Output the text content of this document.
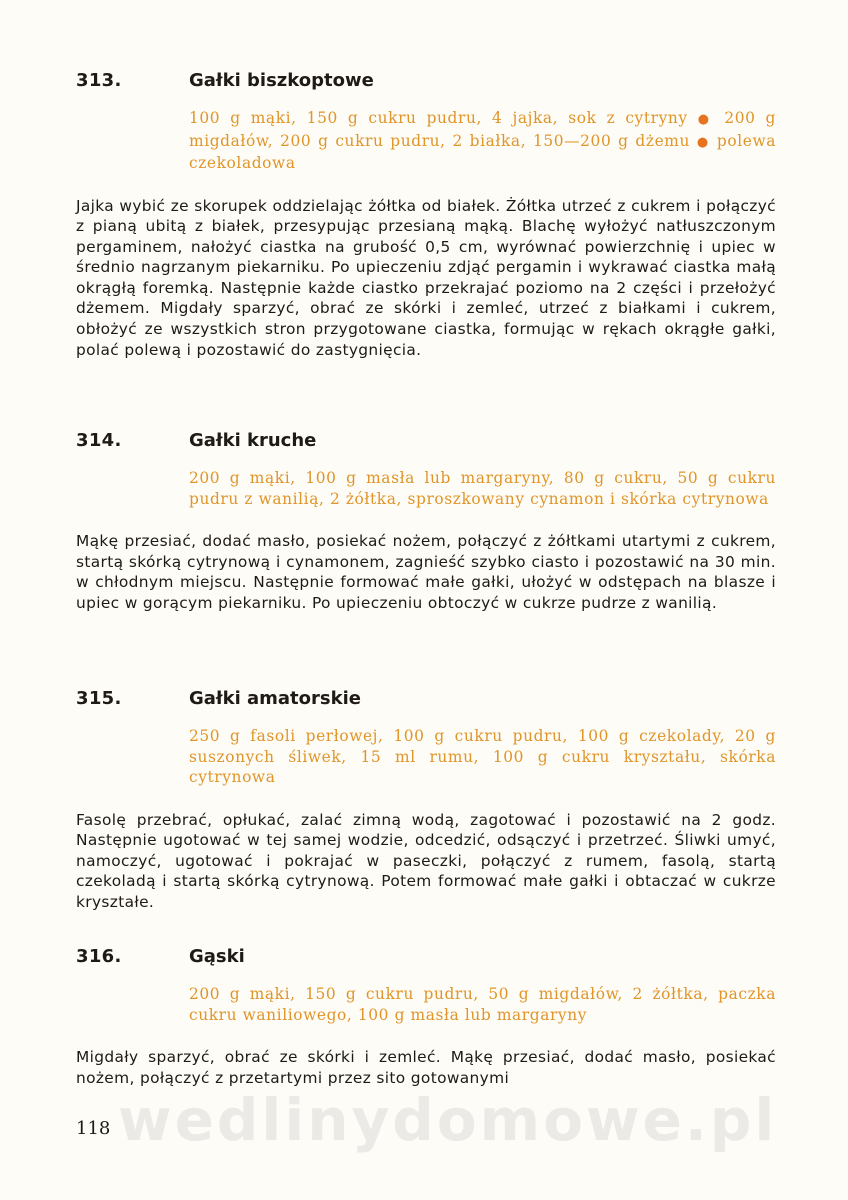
313.	Gałki biszkoptowe
100 g mąki, 150 g cukru pudru, 4 jajka, sok z cytryny ● 200 g migdałów, 200 g cukru pudru, 2 białka, 150—200 g dżemu ● polewa czekoladowa
Jajka wybić ze skorupek oddzielając żółtka od białek. Żółtka utrzeć z cukrem i połączyć z pianą ubitą z białek, przesypując przesianą mąką. Blachę wyłożyć natłuszczonym pergaminem, nałożyć ciastka na grubość 0,5 cm, wyrównać powierzchnię i upiec w średnio nagrzanym piekarniku. Po upieczeniu zdjąć pergamin i wykrawać ciastka małą okrągłą foremką. Następnie każde ciastko przekrajać poziomo na 2 części i przełożyć dżemem. Migdały sparzyć, obrać ze skórki i zemleć, utrzeć z białkami i cukrem, obłożyć ze wszystkich stron przygotowane ciastka, formując w rękach okrągłe gałki, polać polewą i pozostawić do zastygnięcia.
314.	Gałki kruche
200 g mąki, 100 g masła lub margaryny, 80 g cukru, 50 g cukru pudru z wanilią, 2 żółtka, sproszkowany cynamon i skórka cytrynowa
Mąkę przesiać, dodać masło, posiekać nożem, połączyć z żółtkami utartymi z cukrem, startą skórką cytrynową i cynamonem, zagnieść szybko ciasto i pozostawić na 30 min. w chłodnym miejscu. Następnie formować małe gałki, ułożyć w odstępach na blasze i upiec w gorącym piekarniku. Po upieczeniu obtoczyć w cukrze pudrze z wanilią.
315.	Gałki amatorskie
250 g fasoli perłowej, 100 g cukru pudru, 100 g czekolady, 20 g suszonych śliwek, 15 ml rumu, 100 g cukru kryształu, skórka cytrynowa
Fasolę przebrać, opłukać, zalać zimną wodą, zagotować i pozostawić na 2 godz. Następnie ugotować w tej samej wodzie, odcedzić, odsączyć i przetrzeć. Śliwki umyć, namoczyć, ugotować i pokrajać w paseczki, połączyć z rumem, fasolą, startą czekoladą i startą skórką cytrynową. Potem formować małe gałki i obtaczać w cukrze kryształe.
316.	Gąski
200 g mąki, 150 g cukru pudru, 50 g migdałów, 2 żółtka, paczka cukru waniliowego, 100 g masła lub margaryny
Migdały sparzyć, obrać ze skórki i zemleć. Mąkę przesiać, dodać masło, posiekać nożem, połączyć z przetartymi przez sito gotowanymi
wedlinydomowe.pl
118
